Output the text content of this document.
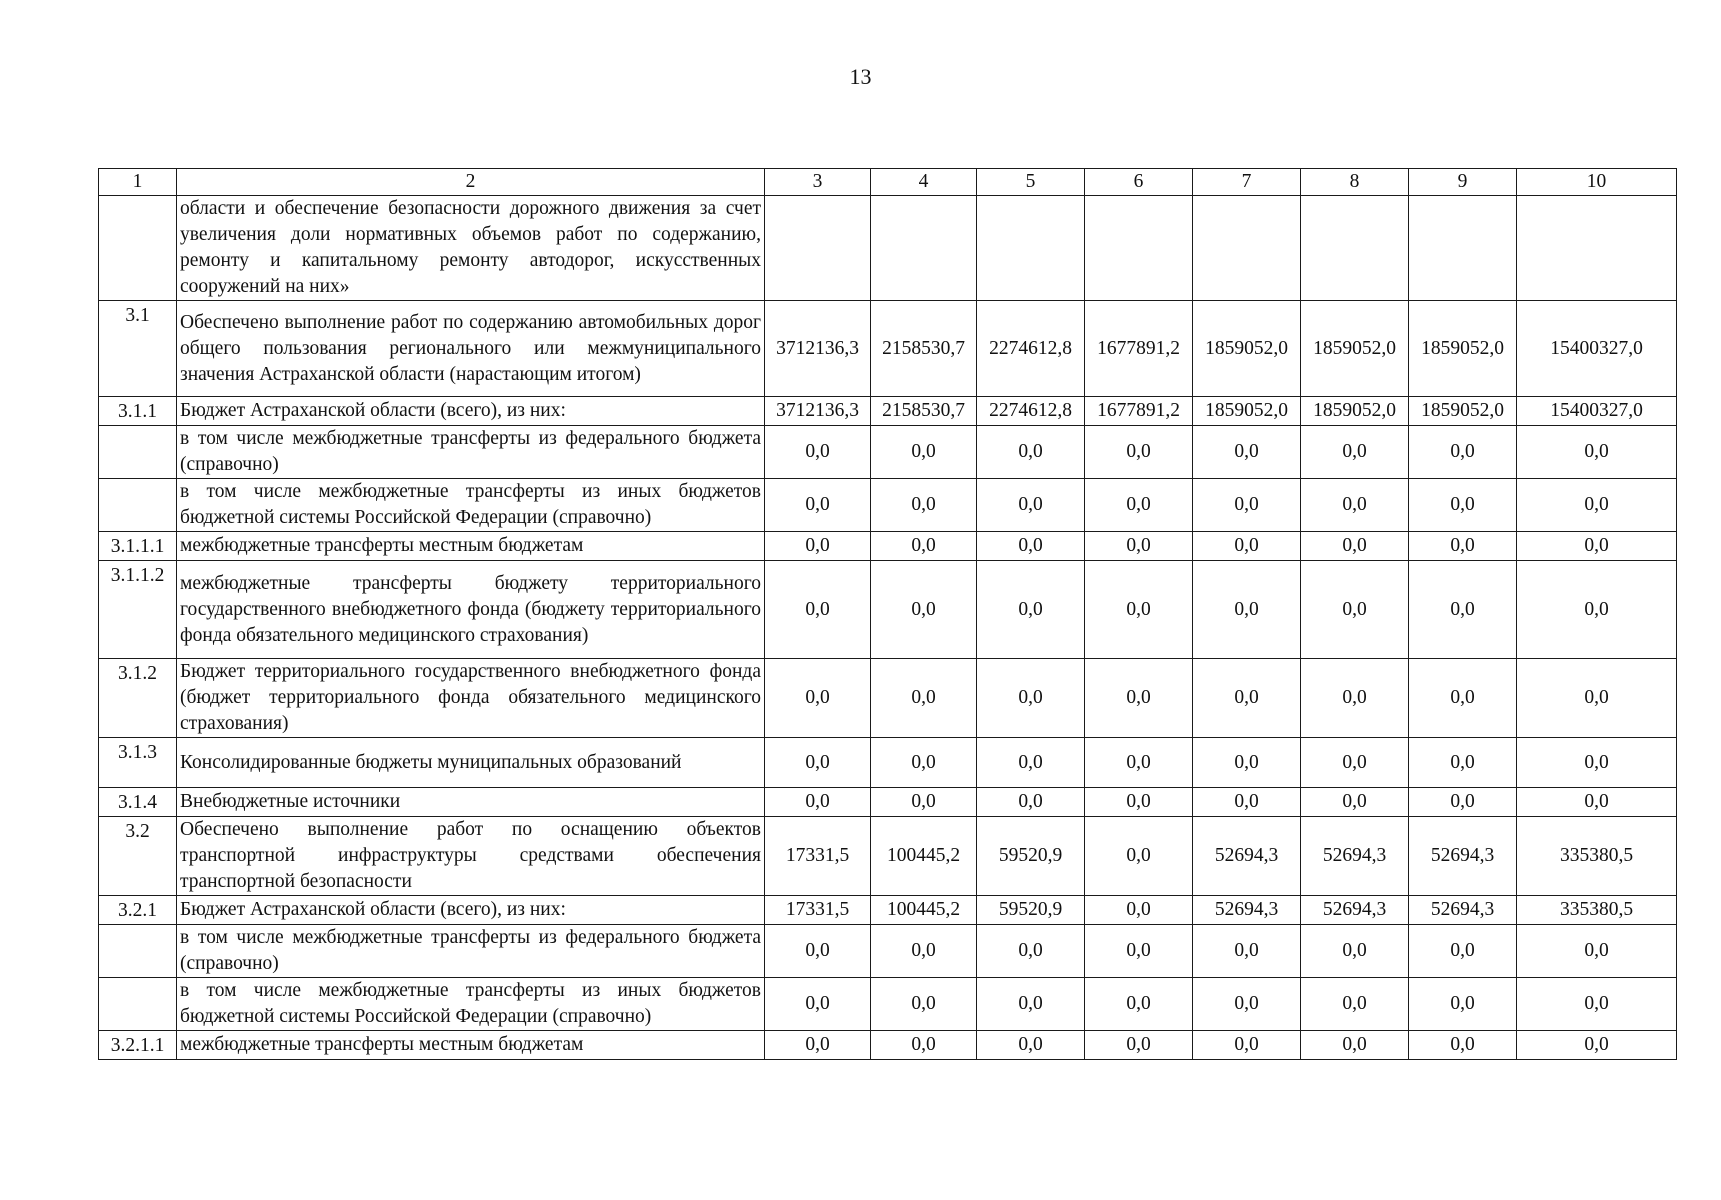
13
1	2	3	4	5	6	7	8	9	10
	области и обеспечение безопасности дорожного движения за счет увеличения доли нормативных объемов работ по содержанию, ремонту и капитальному ремонту автодорог, искусственных сооружений на них»								
3.1	Обеспечено выполнение работ по содержанию автомобильных дорог общего пользования регионального или межмуниципального значения Астраханской области (нарастающим итогом)	3712136,3	2158530,7	2274612,8	1677891,2	1859052,0	1859052,0	1859052,0	15400327,0
3.1.1	Бюджет Астраханской области (всего), из них:	3712136,3	2158530,7	2274612,8	1677891,2	1859052,0	1859052,0	1859052,0	15400327,0
	в том числе межбюджетные трансферты из федерального бюджета (справочно)	0,0	0,0	0,0	0,0	0,0	0,0	0,0	0,0
	в том числе межбюджетные трансферты из иных бюджетов бюджетной системы Российской Федерации (справочно)	0,0	0,0	0,0	0,0	0,0	0,0	0,0	0,0
3.1.1.1	межбюджетные трансферты местным бюджетам	0,0	0,0	0,0	0,0	0,0	0,0	0,0	0,0
3.1.1.2	межбюджетные трансферты бюджету территориального государственного внебюджетного фонда (бюджету территориального фонда обязательного медицинского страхования)	0,0	0,0	0,0	0,0	0,0	0,0	0,0	0,0
3.1.2	Бюджет территориального государственного внебюджетного фонда (бюджет территориального фонда обязательного медицинского страхования)	0,0	0,0	0,0	0,0	0,0	0,0	0,0	0,0
3.1.3	Консолидированные бюджеты муниципальных образований	0,0	0,0	0,0	0,0	0,0	0,0	0,0	0,0
3.1.4	Внебюджетные источники	0,0	0,0	0,0	0,0	0,0	0,0	0,0	0,0
3.2	Обеспечено выполнение работ по оснащению объектов транспортной инфраструктуры средствами обеспечения транспортной безопасности	17331,5	100445,2	59520,9	0,0	52694,3	52694,3	52694,3	335380,5
3.2.1	Бюджет Астраханской области (всего), из них:	17331,5	100445,2	59520,9	0,0	52694,3	52694,3	52694,3	335380,5
	в том числе межбюджетные трансферты из федерального бюджета (справочно)	0,0	0,0	0,0	0,0	0,0	0,0	0,0	0,0
	в том числе межбюджетные трансферты из иных бюджетов бюджетной системы Российской Федерации (справочно)	0,0	0,0	0,0	0,0	0,0	0,0	0,0	0,0
3.2.1.1	межбюджетные трансферты местным бюджетам	0,0	0,0	0,0	0,0	0,0	0,0	0,0	0,0
